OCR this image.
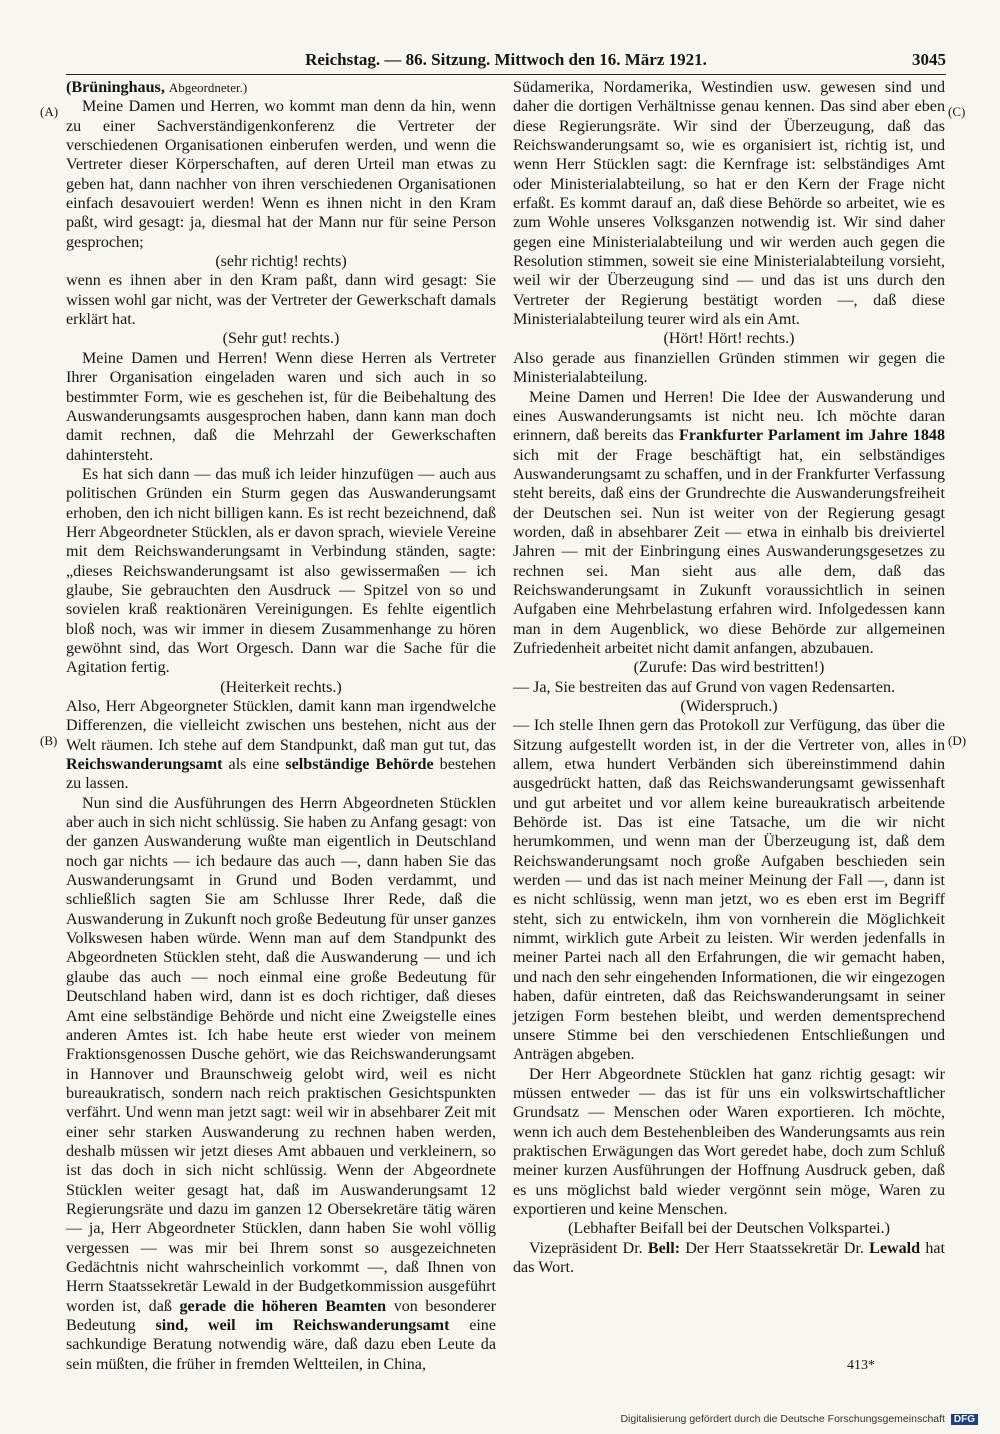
Reichstag. — 86. Sitzung. Mittwoch den 16. März 1921.	3045
(A)
(B)
(C)
(D)

(Brüninghaus, Abgeordneter.)

Meine Damen und Herren, wo kommt man denn da hin, wenn zu einer Sachverständigenkonferenz die Vertreter der verschiedenen Organisationen einberufen werden, und wenn die Vertreter dieser Körperschaften, auf deren Urteil man etwas zu geben hat, dann nachher von ihren verschiedenen Organisationen einfach desavouiert werden! Wenn es ihnen nicht in den Kram paßt, wird gesagt: ja, diesmal hat der Mann nur für seine Person gesprochen;

(sehr richtig! rechts)

wenn es ihnen aber in den Kram paßt, dann wird gesagt: Sie wissen wohl gar nicht, was der Vertreter der Gewerkschaft damals erklärt hat.

(Sehr gut! rechts.)

Meine Damen und Herren! Wenn diese Herren als Vertreter Ihrer Organisation eingeladen waren und sich auch in so bestimmter Form, wie es geschehen ist, für die Beibehaltung des Auswanderungsamts ausgesprochen haben, dann kann man doch damit rechnen, daß die Mehrzahl der Gewerkschaften dahintersteht.

Es hat sich dann — das muß ich leider hinzufügen — auch aus politischen Gründen ein Sturm gegen das Auswanderungsamt erhoben, den ich nicht billigen kann. Es ist recht bezeichnend, daß Herr Abgeordneter Stücklen, als er davon sprach, wieviele Vereine mit dem Reichswanderungsamt in Verbindung ständen, sagte: „dieses Reichswanderungsamt ist also gewissermaßen — ich glaube, Sie gebrauchten den Ausdruck — Spitzel von so und sovielen kraß reaktionären Vereinigungen. Es fehlte eigentlich bloß noch, was wir immer in diesem Zusammenhange zu hören gewöhnt sind, das Wort Orgesch. Dann war die Sache für die Agitation fertig.

(Heiterkeit rechts.)

Also, Herr Abgeorgneter Stücklen, damit kann man irgendwelche Differenzen, die vielleicht zwischen uns bestehen, nicht aus der Welt räumen. Ich stehe auf dem Standpunkt, daß man gut tut, das Reichswanderungsamt als eine selbständige Behörde bestehen zu lassen.

Nun sind die Ausführungen des Herrn Abgeordneten Stücklen aber auch in sich nicht schlüssig. Sie haben zu Anfang gesagt: von der ganzen Auswanderung wußte man eigentlich in Deutschland noch gar nichts — ich bedaure das auch —, dann haben Sie das Auswanderungsamt in Grund und Boden verdammt, und schließlich sagten Sie am Schlusse Ihrer Rede, daß die Auswanderung in Zukunft noch große Bedeutung für unser ganzes Volkswesen haben würde. Wenn man auf dem Standpunkt des Abgeordneten Stücklen steht, daß die Auswanderung — und ich glaube das auch — noch einmal eine große Bedeutung für Deutschland haben wird, dann ist es doch richtiger, daß dieses Amt eine selbständige Behörde und nicht eine Zweigstelle eines anderen Amtes ist. Ich habe heute erst wieder von meinem Fraktionsgenossen Dusche gehört, wie das Reichswanderungsamt in Hannover und Braunschweig gelobt wird, weil es nicht bureaukratisch, sondern nach reich praktischen Gesichtspunkten verfährt. Und wenn man jetzt sagt: weil wir in absehbarer Zeit mit einer sehr starken Auswanderung zu rechnen haben werden, deshalb müssen wir jetzt dieses Amt abbauen und verkleinern, so ist das doch in sich nicht schlüssig. Wenn der Abgeordnete Stücklen weiter gesagt hat, daß im Auswanderungsamt 12 Regierungsräte und dazu im ganzen 12 Obersekretäre tätig wären — ja, Herr Abgeordneter Stücklen, dann haben Sie wohl völlig vergessen — was mir bei Ihrem sonst so ausgezeichneten Gedächtnis nicht wahrscheinlich vorkommt —, daß Ihnen von Herrn Staatssekretär Lewald in der Budgetkommission ausgeführt worden ist, daß gerade die höheren Beamten von besonderer Bedeutung sind, weil im Reichswanderungsamt eine sachkundige Beratung notwendig wäre, daß dazu eben Leute da sein müßten, die früher in fremden Weltteilen, in China,

Südamerika, Nordamerika, Westindien usw. gewesen sind und daher die dortigen Verhältnisse genau kennen. Das sind aber eben diese Regierungsräte. Wir sind der Überzeugung, daß das Reichswanderungsamt so, wie es organisiert ist, richtig ist, und wenn Herr Stücklen sagt: die Kernfrage ist: selbständiges Amt oder Ministerialabteilung, so hat er den Kern der Frage nicht erfaßt. Es kommt darauf an, daß diese Behörde so arbeitet, wie es zum Wohle unseres Volksganzen notwendig ist. Wir sind daher gegen eine Ministerialabteilung und wir werden auch gegen die Resolution stimmen, soweit sie eine Ministerialabteilung vorsieht, weil wir der Überzeugung sind — und das ist uns durch den Vertreter der Regierung bestätigt worden —, daß diese Ministerialabteilung teurer wird als ein Amt.

(Hört! Hört! rechts.)

Also gerade aus finanziellen Gründen stimmen wir gegen die Ministerialabteilung.

Meine Damen und Herren! Die Idee der Auswanderung und eines Auswanderungsamts ist nicht neu. Ich möchte daran erinnern, daß bereits das Frankfurter Parlament im Jahre 1848 sich mit der Frage beschäftigt hat, ein selbständiges Auswanderungsamt zu schaffen, und in der Frankfurter Verfassung steht bereits, daß eins der Grundrechte die Auswanderungsfreiheit der Deutschen sei. Nun ist weiter von der Regierung gesagt worden, daß in absehbarer Zeit — etwa in einhalb bis dreiviertel Jahren — mit der Einbringung eines Auswanderungsgesetzes zu rechnen sei. Man sieht aus alle dem, daß das Reichswanderungsamt in Zukunft voraussichtlich in seinen Aufgaben eine Mehrbelastung erfahren wird. Infolgedessen kann man in dem Augenblick, wo diese Behörde zur allgemeinen Zufriedenheit arbeitet nicht damit anfangen, abzubauen.

(Zurufe: Das wird bestritten!)

— Ja, Sie bestreiten das auf Grund von vagen Redensarten.

(Widerspruch.)

— Ich stelle Ihnen gern das Protokoll zur Verfügung, das über die Sitzung aufgestellt worden ist, in der die Vertreter von, alles in allem, etwa hundert Verbänden sich übereinstimmend dahin ausgedrückt hatten, daß das Reichswanderungsamt gewissenhaft und gut arbeitet und vor allem keine bureaukratisch arbeitende Behörde ist. Das ist eine Tatsache, um die wir nicht herumkommen, und wenn man der Überzeugung ist, daß dem Reichswanderungsamt noch große Aufgaben beschieden sein werden — und das ist nach meiner Meinung der Fall —, dann ist es nicht schlüssig, wenn man jetzt, wo es eben erst im Begriff steht, sich zu entwickeln, ihm von vornherein die Möglichkeit nimmt, wirklich gute Arbeit zu leisten. Wir werden jedenfalls in meiner Partei nach all den Erfahrungen, die wir gemacht haben, und nach den sehr eingehenden Informationen, die wir eingezogen haben, dafür eintreten, daß das Reichswanderungsamt in seiner jetzigen Form bestehen bleibt, und werden dementsprechend unsere Stimme bei den verschiedenen Entschließungen und Anträgen abgeben.

Der Herr Abgeordnete Stücklen hat ganz richtig gesagt: wir müssen entweder — das ist für uns ein volkswirtschaftlicher Grundsatz — Menschen oder Waren exportieren. Ich möchte, wenn ich auch dem Bestehenbleiben des Wanderungsamts aus rein praktischen Erwägungen das Wort geredet habe, doch zum Schluß meiner kurzen Ausführungen der Hoffnung Ausdruck geben, daß es uns möglichst bald wieder vergönnt sein möge, Waren zu exportieren und keine Menschen.

(Lebhafter Beifall bei der Deutschen Volkspartei.)

Vizepräsident Dr. Bell: Der Herr Staatssekretär Dr. Lewald hat das Wort.

413*
Digitalisierung gefördert durch die Deutsche Forschungsgemeinschaft DFG
